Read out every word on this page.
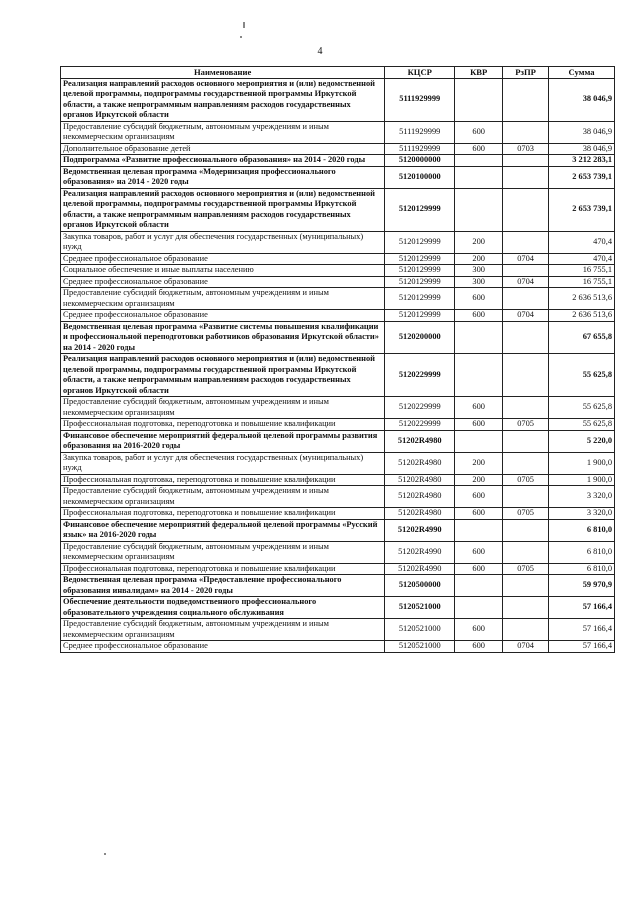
4
Наименование	КЦСР	КВР	РзПР	Сумма
Реализация направлений расходов основного мероприятия и (или) ведомственной целевой программы, подпрограммы государственной программы Иркутской области, а также непрограммным направлениям расходов государственных органов Иркутской области	5111929999			38 046,9
Предоставление субсидий бюджетным, автономным учреждениям и иным некоммерческим организациям	5111929999	600		38 046,9
Дополнительное образование детей	5111929999	600	0703	38 046,9
Подпрограмма «Развитие профессионального образования» на 2014 - 2020 годы	5120000000			3 212 283,1
Ведомственная целевая программа «Модернизация профессионального образования» на 2014 - 2020 годы	5120100000			2 653 739,1
Реализация направлений расходов основного мероприятия и (или) ведомственной целевой программы, подпрограммы государственной программы Иркутской области, а также непрограммным направлениям расходов государственных органов Иркутской области	5120129999			2 653 739,1
Закупка товаров, работ и услуг для обеспечения государственных (муниципальных) нужд	5120129999	200		470,4
Среднее профессиональное образование	5120129999	200	0704	470,4
Социальное обеспечение и иные выплаты населению	5120129999	300		16 755,1
Среднее профессиональное образование	5120129999	300	0704	16 755,1
Предоставление субсидий бюджетным, автономным учреждениям и иным некоммерческим организациям	5120129999	600		2 636 513,6
Среднее профессиональное образование	5120129999	600	0704	2 636 513,6
Ведомственная целевая программа «Развитие системы повышения квалификации и профессиональной переподготовки работников образования Иркутской области» на 2014 - 2020 годы	5120200000			67 655,8
Реализация направлений расходов основного мероприятия и (или) ведомственной целевой программы, подпрограммы государственной программы Иркутской области, а также непрограммным направлениям расходов государственных органов Иркутской области	5120229999			55 625,8
Предоставление субсидий бюджетным, автономным учреждениям и иным некоммерческим организациям	5120229999	600		55 625,8
Профессиональная подготовка, переподготовка и повышение квалификации	5120229999	600	0705	55 625,8
Финансовое обеспечение мероприятий федеральной целевой программы развития образования на 2016-2020 годы	51202R4980			5 220,0
Закупка товаров, работ и услуг для обеспечения государственных (муниципальных) нужд	51202R4980	200		1 900,0
Профессиональная подготовка, переподготовка и повышение квалификации	51202R4980	200	0705	1 900,0
Предоставление субсидий бюджетным, автономным учреждениям и иным некоммерческим организациям	51202R4980	600		3 320,0
Профессиональная подготовка, переподготовка и повышение квалификации	51202R4980	600	0705	3 320,0
Финансовое обеспечение мероприятий федеральной целевой программы «Русский язык» на 2016-2020 годы	51202R4990			6 810,0
Предоставление субсидий бюджетным, автономным учреждениям и иным некоммерческим организациям	51202R4990	600		6 810,0
Профессиональная подготовка, переподготовка и повышение квалификации	51202R4990	600	0705	6 810,0
Ведомственная целевая программа «Предоставление профессионального образования инвалидам» на 2014 - 2020 годы	5120500000			59 970,9
Обеспечение деятельности подведомственного профессионального образовательного учреждения социального обслуживания	5120521000			57 166,4
Предоставление субсидий бюджетным, автономным учреждениям и иным некоммерческим организациям	5120521000	600		57 166,4
Среднее профессиональное образование	5120521000	600	0704	57 166,4
